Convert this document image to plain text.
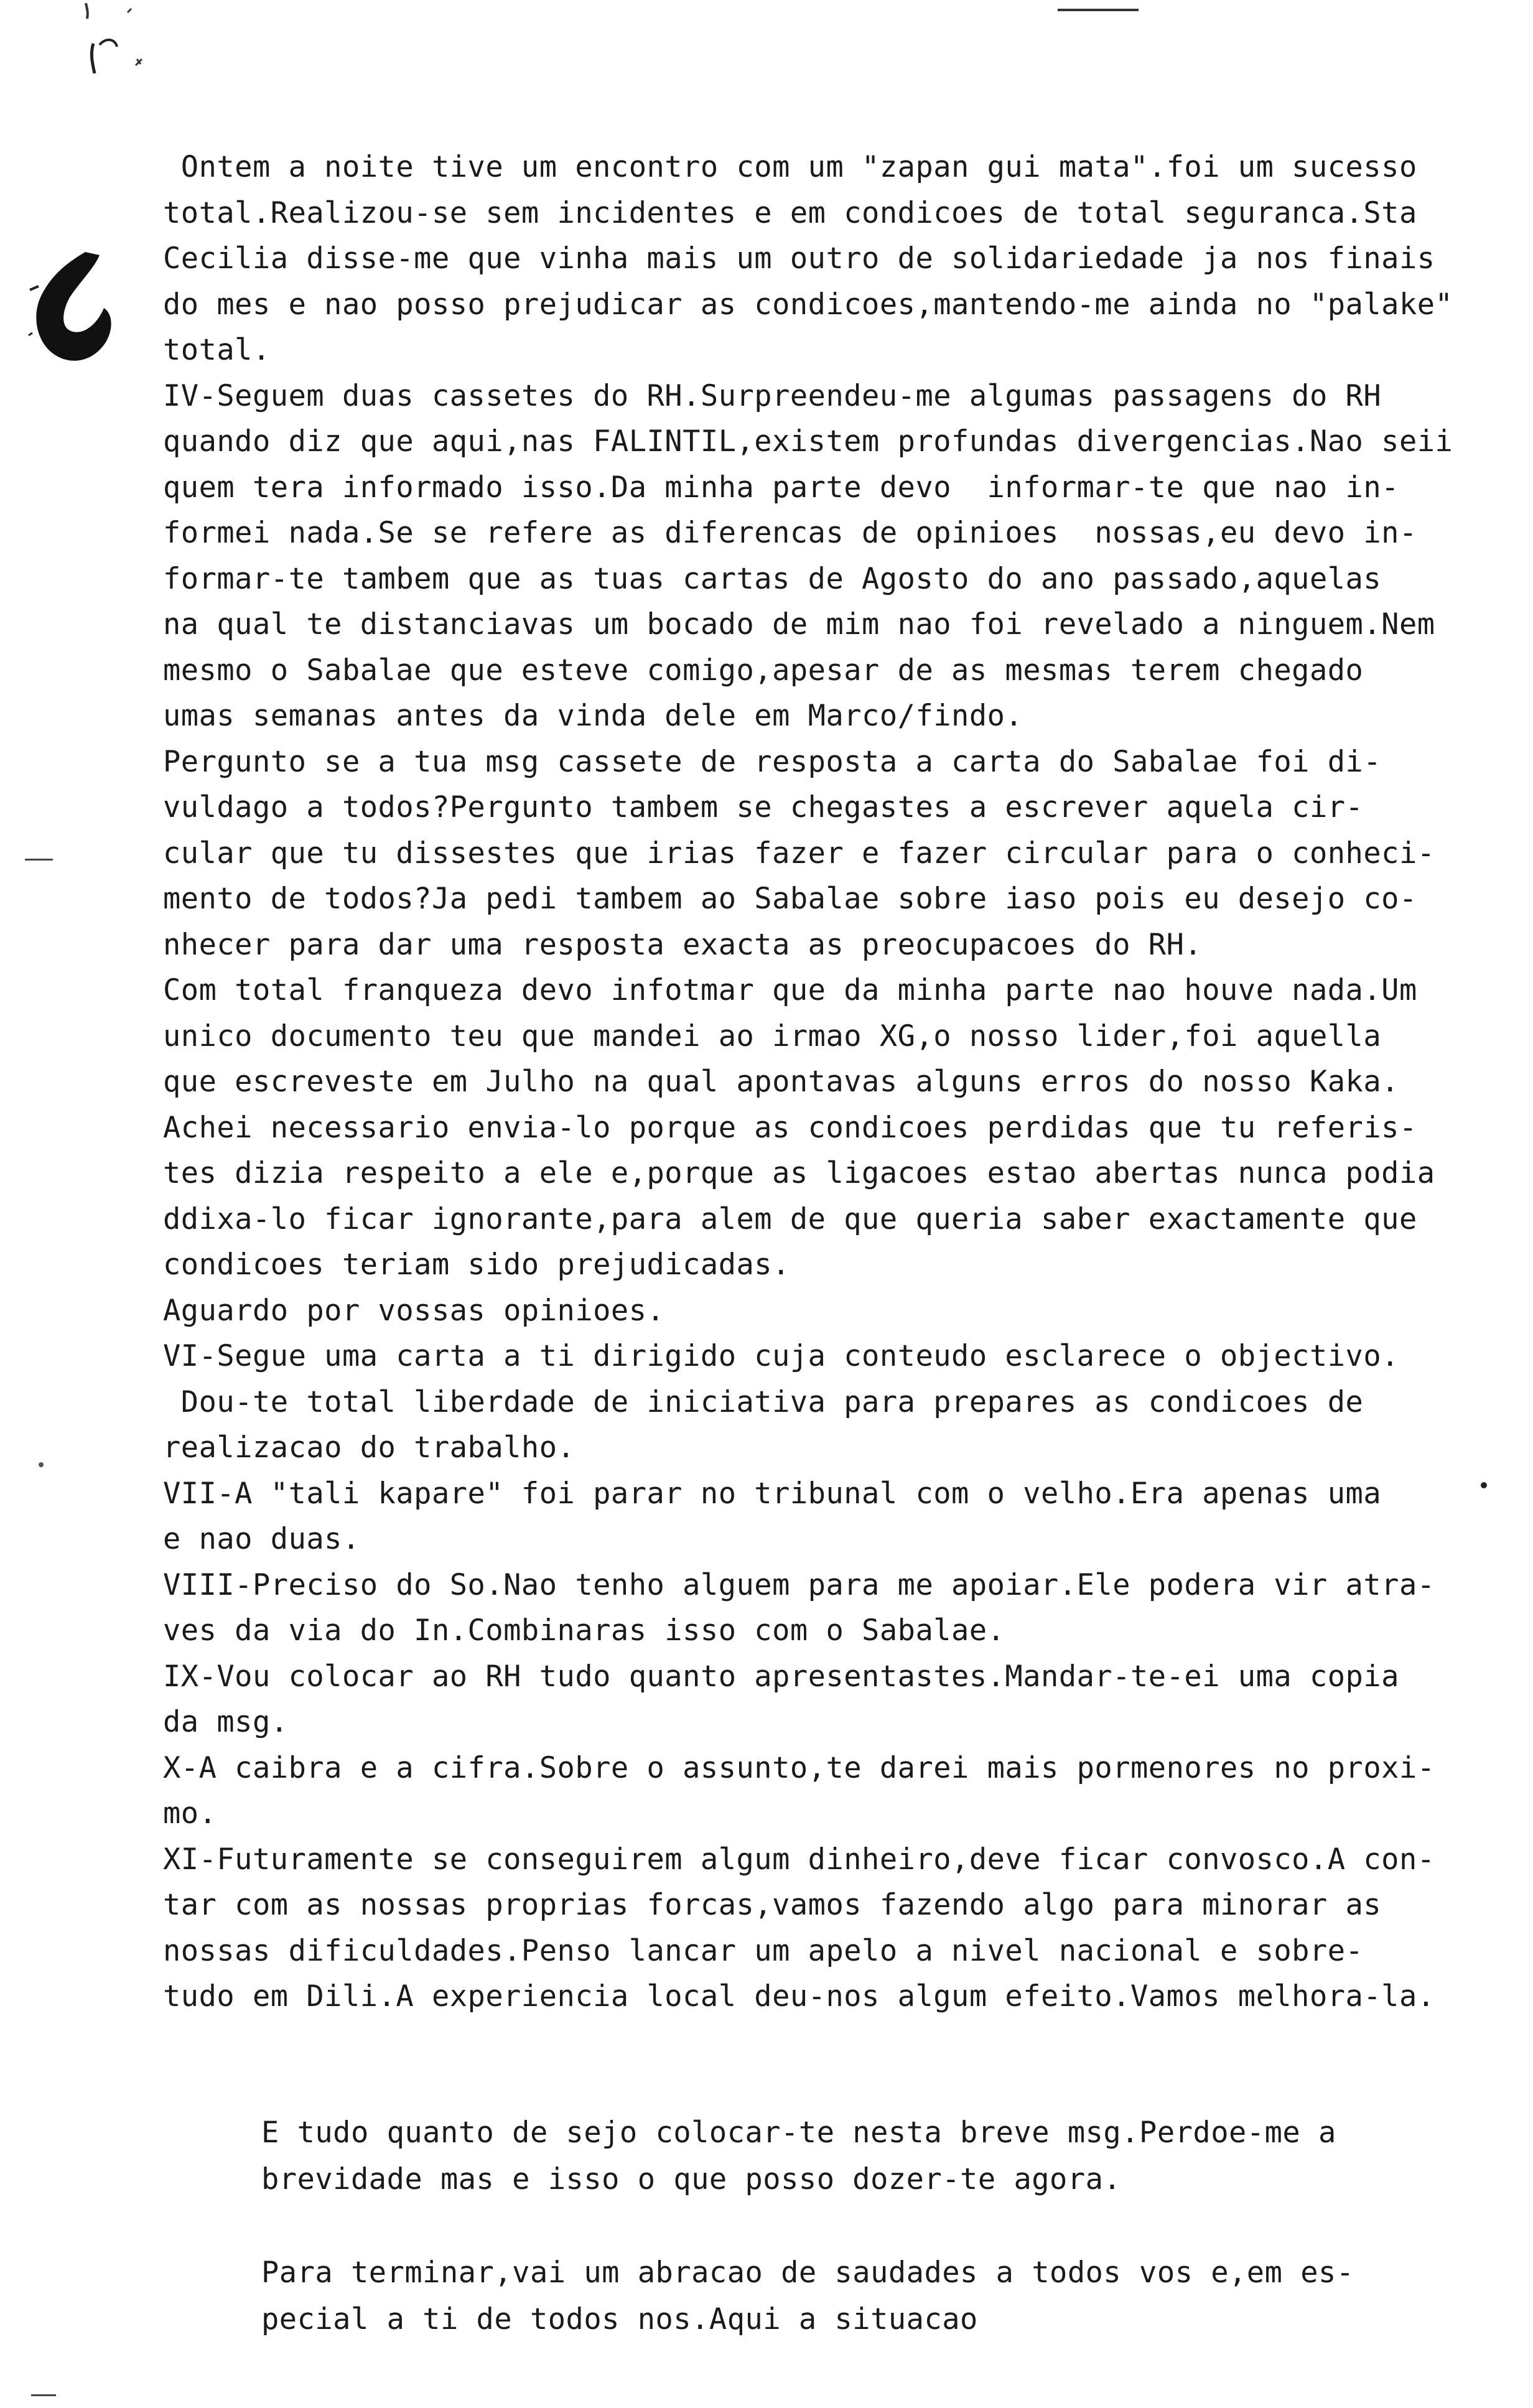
Ontem a noite tive um encontro com um "zapan gui mata".foi um sucesso
total.Realizou-se sem incidentes e em condicoes de total seguranca.Sta
Cecilia disse-me que vinha mais um outro de solidariedade ja nos finais
do mes e nao posso prejudicar as condicoes,mantendo-me ainda no "palake"
total.
IV-Seguem duas cassetes do RH.Surpreendeu-me algumas passagens do RH
quando diz que aqui,nas FALINTIL,existem profundas divergencias.Nao seii
quem tera informado isso.Da minha parte devo  informar-te que nao in-
formei nada.Se se refere as diferencas de opinioes  nossas,eu devo in-
formar-te tambem que as tuas cartas de Agosto do ano passado,aquelas
na qual te distanciavas um bocado de mim nao foi revelado a ninguem.Nem
mesmo o Sabalae que esteve comigo,apesar de as mesmas terem chegado
umas semanas antes da vinda dele em Marco/findo.
Pergunto se a tua msg cassete de resposta a carta do Sabalae foi di-
vuldago a todos?Pergunto tambem se chegastes a escrever aquela cir-
cular que tu dissestes que irias fazer e fazer circular para o conheci-
mento de todos?Ja pedi tambem ao Sabalae sobre iaso pois eu desejo co-
nhecer para dar uma resposta exacta as preocupacoes do RH.
Com total franqueza devo infotmar que da minha parte nao houve nada.Um
unico documento teu que mandei ao irmao XG,o nosso lider,foi aquella
que escreveste em Julho na qual apontavas alguns erros do nosso Kaka.
Achei necessario envia-lo porque as condicoes perdidas que tu referis-
tes dizia respeito a ele e,porque as ligacoes estao abertas nunca podia
ddixa-lo ficar ignorante,para alem de que queria saber exactamente que
condicoes teriam sido prejudicadas.
Aguardo por vossas opinioes.
VI-Segue uma carta a ti dirigido cuja conteudo esclarece o objectivo.
Dou-te total liberdade de iniciativa para prepares as condicoes de
realizacao do trabalho.
VII-A "tali kapare" foi parar no tribunal com o velho.Era apenas uma
e nao duas.
VIII-Preciso do So.Nao tenho alguem para me apoiar.Ele podera vir atra-
ves da via do In.Combinaras isso com o Sabalae.
IX-Vou colocar ao RH tudo quanto apresentastes.Mandar-te-ei uma copia
da msg.
X-A caibra e a cifra.Sobre o assunto,te darei mais pormenores no proxi-
mo.
XI-Futuramente se conseguirem algum dinheiro,deve ficar convosco.A con-
tar com as nossas proprias forcas,vamos fazendo algo para minorar as
nossas dificuldades.Penso lancar um apelo a nivel nacional e sobre-
tudo em Dili.A experiencia local deu-nos algum efeito.Vamos melhora-la.
E tudo quanto de sejo colocar-te nesta breve msg.Perdoe-me a
brevidade mas e isso o que posso dozer-te agora.
Para terminar,vai um abracao de saudades a todos vos e,em es-
pecial a ti de todos nos.Aqui a situacao
